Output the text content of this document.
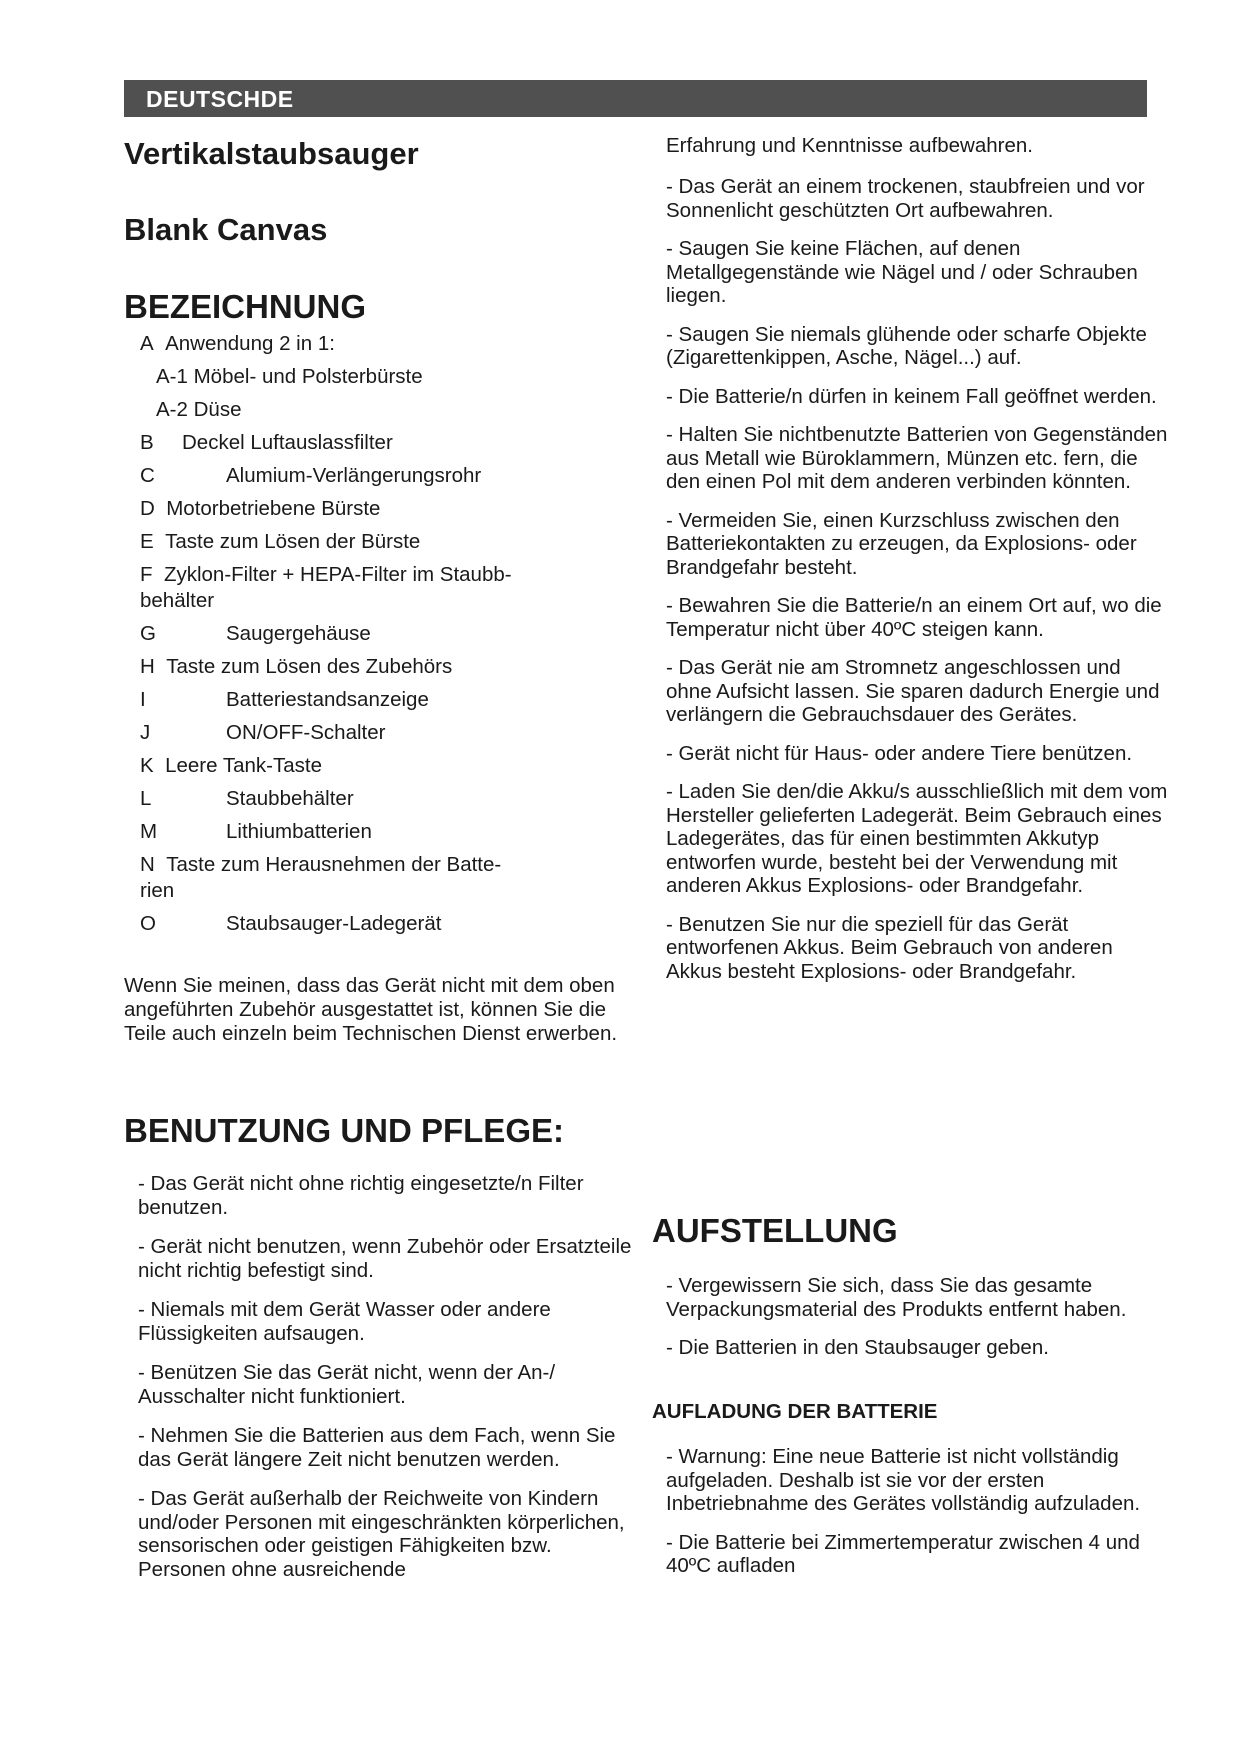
DEUTSCHDE
Vertikalstaubsauger
Blank Canvas
BEZEICHNUNG
A Anwendung 2 in 1:
A-1 Möbel- und Polsterbürste
A-2 Düse
B Deckel Luftauslassfilter
C	Alumium-Verlängerungsrohr
D Motorbetriebene Bürste
E Taste zum Lösen der Bürste
F Zyklon-Filter + HEPA-Filter im Staubb-
behälter
G	Saugergehäuse
H Taste zum Lösen des Zubehörs
I	Batteriestandsanzeige
J	ON/OFF-Schalter
K Leere Tank-Taste
L	Staubbehälter
M	Lithiumbatterien
N Taste zum Herausnehmen der Batte-
rien
O	Staubsauger-Ladegerät

Wenn Sie meinen, dass das Gerät nicht mit dem oben angeführten Zubehör ausgestattet ist, können Sie die Teile auch einzeln beim Technischen Dienst erwerben.

BENUTZUNG UND PFLEGE:

- Das Gerät nicht ohne richtig eingesetzte/n Filter benutzen.

- Gerät nicht benutzen, wenn Zubehör oder Ersatzteile nicht richtig befestigt sind.

- Niemals mit dem Gerät Wasser oder andere Flüssigkeiten aufsaugen.

- Benützen Sie das Gerät nicht, wenn der An-/ Ausschalter nicht funktioniert.

- Nehmen Sie die Batterien aus dem Fach, wenn Sie das Gerät längere Zeit nicht benutzen werden.

- Das Gerät außerhalb der Reichweite von Kindern und/oder Personen mit eingeschränkten körperlichen, sensorischen oder geistigen Fähigkeiten bzw. Personen ohne ausreichende

Erfahrung und Kenntnisse aufbewahren.

- Das Gerät an einem trockenen, staubfreien und vor Sonnenlicht geschützten Ort aufbewahren.

- Saugen Sie keine Flächen, auf denen Metallgegenstände wie Nägel und / oder Schrauben liegen.

- Saugen Sie niemals glühende oder scharfe Objekte (Zigarettenkippen, Asche, Nägel...) auf.

- Die Batterie/n dürfen in keinem Fall geöffnet werden.

- Halten Sie nichtbenutzte Batterien von Gegenständen aus Metall wie Büroklammern, Münzen etc. fern, die den einen Pol mit dem anderen verbinden könnten.

- Vermeiden Sie, einen Kurzschluss zwischen den Batteriekontakten zu erzeugen, da Explosions- oder Brandgefahr besteht.

- Bewahren Sie die Batterie/n an einem Ort auf, wo die Temperatur nicht über 40ºC steigen kann.

- Das Gerät nie am Stromnetz angeschlossen und ohne Aufsicht lassen. Sie sparen dadurch Energie und verlängern die Gebrauchsdauer des Gerätes.

- Gerät nicht für Haus- oder andere Tiere benützen.

- Laden Sie den/die Akku/s ausschließlich mit dem vom Hersteller gelieferten Ladegerät. Beim Gebrauch eines Ladegerätes, das für einen bestimmten Akkutyp entworfen wurde, besteht bei der Verwendung mit anderen Akkus Explosions- oder Brandgefahr.

- Benutzen Sie nur die speziell für das Gerät entworfenen Akkus. Beim Gebrauch von anderen Akkus besteht Explosions- oder Brandgefahr.

AUFSTELLUNG

- Vergewissern Sie sich, dass Sie das gesamte Verpackungsmaterial des Produkts entfernt haben.

- Die Batterien in den Staubsauger geben.

AUFLADUNG DER BATTERIE

- Warnung: Eine neue Batterie ist nicht vollständig aufgeladen. Deshalb ist sie vor der ersten Inbetriebnahme des Gerätes vollständig aufzuladen.

- Die Batterie bei Zimmertemperatur zwischen 4 und 40ºC aufladen
